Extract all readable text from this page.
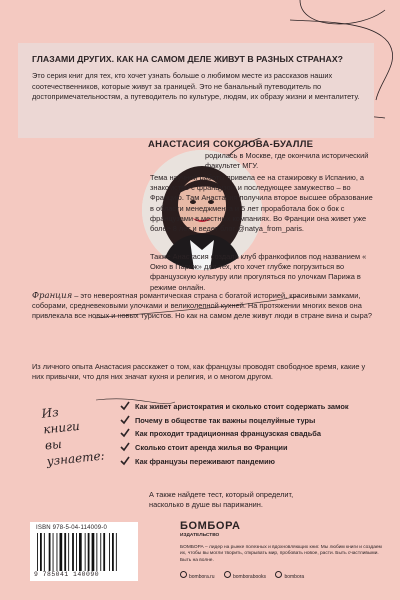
ГЛАЗАМИ ДРУГИХ. КАК НА САМОМ ДЕЛЕ ЖИВУТ В РАЗНЫХ СТРАНАХ?
Это серия книг для тех, кто хочет узнать больше о любимом месте из рассказов наших соотечественников, которые живут за границей. Это не банальный путеводитель по достопримечательностям, а путеводитель по культуре, людям, их образу жизни и менталитету.
АНАСТАСИЯ СОКОЛОВА-БУАЛЛЕ
родилась в Москве, где окончила исторический факультет МГУ.
Тема научной работы привела ее на стажировку в Испанию, а знакомство с французом и последующее замужество – во Францию. Там Анастасия получила второе высшее образование в области менеджмента и 5 лет проработала бок о бок с французами в местных компаниях. Во Франции она живет уже более 8 лет и ведет блог @natya_from_paris.
Также Анастасия создала клуб франкофилов под названием « Окно в Париж» для тех, кто хочет глубже погрузиться во французскую культуру или прогуляться по улочкам Парижа в режиме онлайн.
Франция – это невероятная романтическая страна с богатой историей, красивыми замками, соборами, средневековыми улочками и великолепной кухней. На протяжении многих веков она привлекала все новых и новых туристов. Но как на самом деле живут люди в стране вина и сыра?
Из личного опыта Анастасия расскажет о том, как французы проводят свободное время, какие у них привычки, что для них значат кухня и религия, и о многом другом.
Из книги вы узнаете:
Как живет аристократия и сколько стоит содержать замок
Почему в обществе так важны поцелуйные туры
Как проходит традиционная французская свадьба
Сколько стоит аренда жилья во Франции
Как французы переживают пандемию
А также найдете тест, который определит, насколько в душе вы парижанин.
ISBN 978-5-04-114009-0
9 785041 140090
БОМБОРА
ИЗДАТЕЛЬСТВО
БОМБОРА – лидер на рынке полезных и вдохновляющих книг. Мы любим книги и создаем их, чтобы вы могли творить, открывать мир, пробовать новое, расти. Быть счастливыми. Быть на волне.
bombora.ru	bomborabooks	bombora
